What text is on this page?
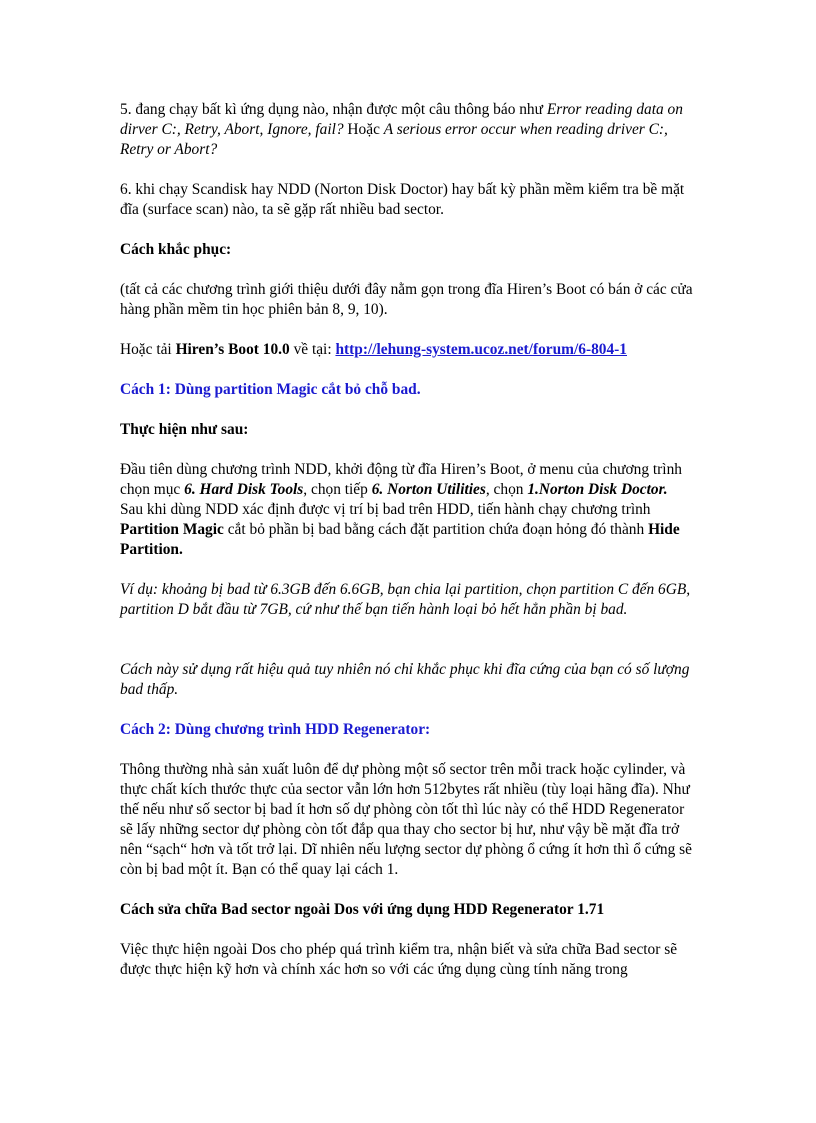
5. đang chạy bất kì ứng dụng nào, nhận được một câu thông báo như Error reading data on dirver C:, Retry, Abort, Ignore, fail? Hoặc A serious error occur when reading driver C:, Retry or Abort?

6. khi chạy Scandisk hay NDD (Norton Disk Doctor) hay bất kỳ phần mềm kiểm tra bề mặt đĩa (surface scan) nào, ta sẽ gặp rất nhiều bad sector.

Cách khắc phục:

(tất cả các chương trình giới thiệu dưới đây nằm gọn trong đĩa Hiren’s Boot có bán ở các cửa hàng phần mềm tin học phiên bản 8, 9, 10).

Hoặc tải Hiren’s Boot 10.0 về tại: http://lehung-system.ucoz.net/forum/6-804-1

Cách 1: Dùng partition Magic cắt bỏ chỗ bad.

Thực hiện như sau:

Đầu tiên dùng chương trình NDD, khởi động từ đĩa Hiren’s Boot, ở menu của chương trình chọn mục 6. Hard Disk Tools, chọn tiếp 6. Norton Utilities, chọn 1.Norton Disk Doctor.

Sau khi dùng NDD xác định được vị trí bị bad trên HDD, tiến hành chạy chương trình Partition Magic cắt bỏ phần bị bad bằng cách đặt partition chứa đoạn hỏng đó thành Hide Partition.

Ví dụ: khoảng bị bad từ 6.3GB đến 6.6GB, bạn chia lại partition, chọn partition C đến 6GB, partition D bắt đầu từ 7GB, cứ như thế bạn tiến hành loại bỏ hết hẳn phần bị bad.

Cách này sử dụng rất hiệu quả tuy nhiên nó chỉ khắc phục khi đĩa cứng của bạn có số lượng bad thấp.

Cách 2: Dùng chương trình HDD Regenerator:

Thông thường nhà sản xuất luôn để dự phòng một số sector trên mỗi track hoặc cylinder, và thực chất kích thước thực của sector vẫn lớn hơn 512bytes rất nhiều (tùy loại hãng đĩa). Như thế nếu như số sector bị bad ít hơn số dự phòng còn tốt thì lúc này có thể HDD Regenerator sẽ lấy những sector dự phòng còn tốt đắp qua thay cho sector bị hư, như vậy bề mặt đĩa trở nên “sạch“ hơn và tốt trở lại. Dĩ nhiên nếu lượng sector dự phòng ổ cứng ít hơn thì ổ cứng sẽ còn bị bad một ít. Bạn có thể quay lại cách 1.

Cách sửa chữa Bad sector ngoài Dos với ứng dụng HDD Regenerator 1.71

Việc thực hiện ngoài Dos cho phép quá trình kiểm tra, nhận biết và sửa chữa Bad sector sẽ được thực hiện kỹ hơn và chính xác hơn so với các ứng dụng cùng tính năng trong
